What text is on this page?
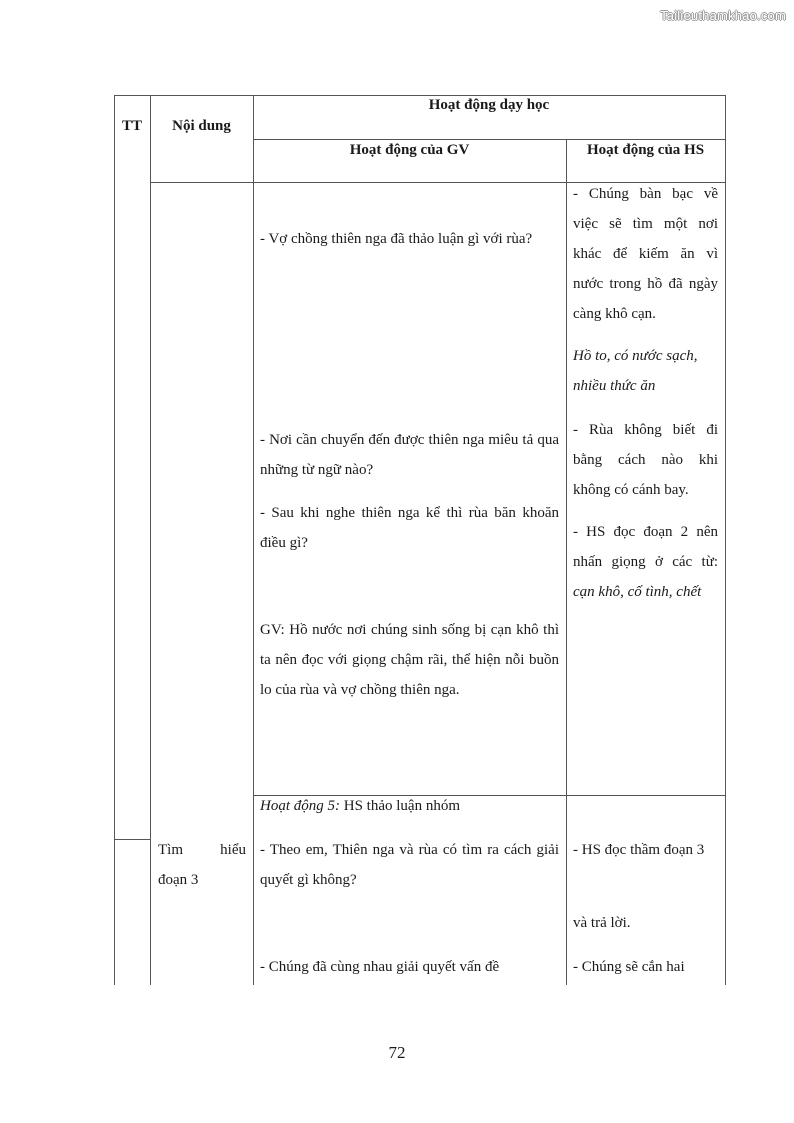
Tailieuthamkhao.com
TT	Nội dung
Hoạt động dạy học
Hoạt động của GV	Hoạt động của HS
- Vợ chồng thiên nga đã thảo luận gì với rùa?
- Nơi cần chuyển đến được thiên nga miêu tả qua những từ ngữ nào?
- Sau khi nghe thiên nga kể thì rùa băn khoăn điều gì?
GV: Hồ nước nơi chúng sinh sống bị cạn khô thì ta nên đọc với giọng chậm rãi, thể hiện nỗi buồn lo của rùa và vợ chồng thiên nga.
Hoạt động 5: HS thảo luận nhóm
- Theo em, Thiên nga và rùa có tìm ra cách giải quyết gì không?
- Chúng đã cùng nhau giải quyết vấn đề
- Chúng bàn bạc về việc sẽ tìm một nơi khác để kiếm ăn vì nước trong hồ đã ngày càng khô cạn.
Hồ to, có nước sạch, nhiều thức ăn
- Rùa không biết đi bằng cách nào khi không có cánh bay.
- HS đọc đoạn 2 nên nhấn giọng ở các từ: cạn khô, cố tình, chết
- HS đọc thầm đoạn 3
và trả lời.
- Chúng sẽ cắn hai
Tìm hiểu
đoạn 3
72
